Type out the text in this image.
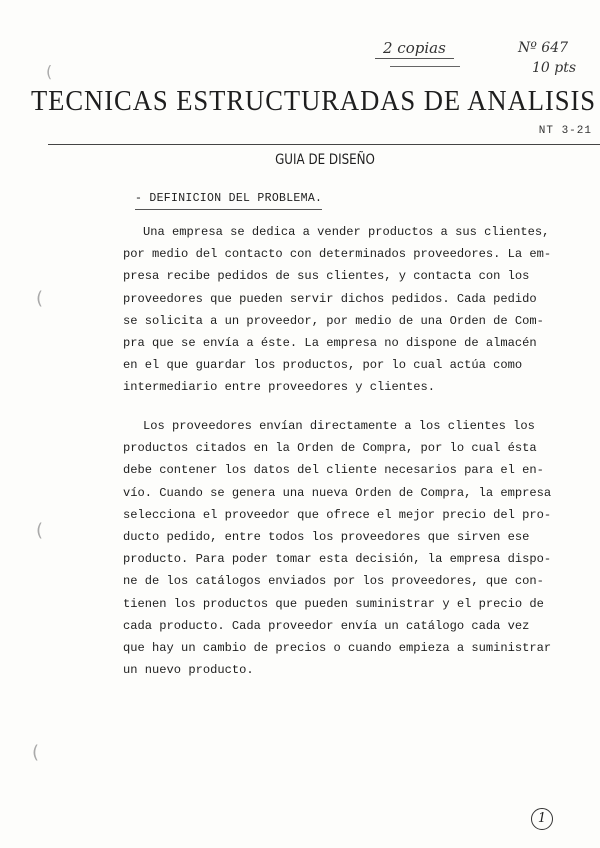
2 copias	Nº 647
10 pts
(
(
(
(
TECNICAS ESTRUCTURADAS DE ANALISIS
NT 3-21
GUIA DE DISEÑO
- DEFINICION DEL PROBLEMA.
Una empresa se dedica a vender productos a sus clientes,
por medio del contacto con determinados proveedores. La em-
presa recibe pedidos de sus clientes, y contacta con los
proveedores que pueden servir dichos pedidos. Cada pedido
se solicita a un proveedor, por medio de una Orden de Com-
pra que se envía a éste. La empresa no dispone de almacén
en el que guardar los productos, por lo cual actúa como
intermediario entre proveedores y clientes.
Los proveedores envían directamente a los clientes los
productos citados en la Orden de Compra, por lo cual ésta
debe contener los datos del cliente necesarios para el en-
vío. Cuando se genera una nueva Orden de Compra, la empresa
selecciona el proveedor que ofrece el mejor precio del pro-
ducto pedido, entre todos los proveedores que sirven ese
producto. Para poder tomar esta decisión, la empresa dispo-
ne de los catálogos enviados por los proveedores, que con-
tienen los productos que pueden suministrar y el precio de
cada producto. Cada proveedor envía un catálogo cada vez
que hay un cambio de precios o cuando empieza a suministrar
un nuevo producto.
1
